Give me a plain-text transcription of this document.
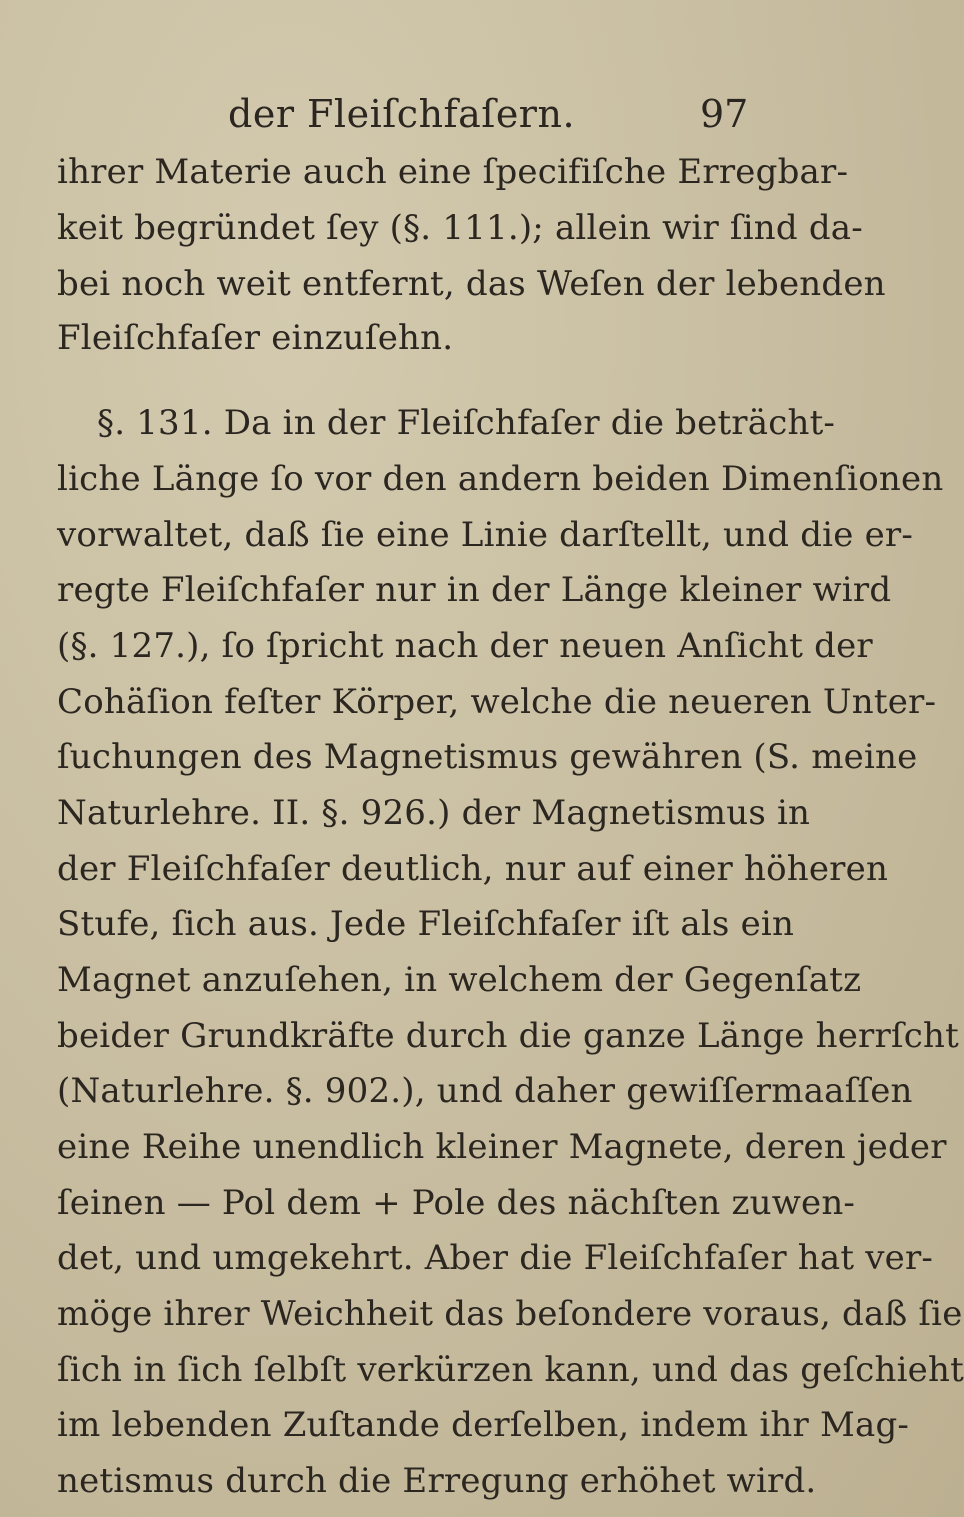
der Fleiſchfaſern.	97
ihrer Materie auch eine ſpecifiſche Erregbar-
keit begründet ſey (§. 111.); allein wir ſind da-
bei noch weit entfernt, das Weſen der lebenden
Fleiſchfaſer einzuſehn.
§. 131. Da in der Fleiſchfaſer die beträcht-
liche Länge ſo vor den andern beiden Dimenſionen
vorwaltet, daß ſie eine Linie darſtellt, und die er-
regte Fleiſchfaſer nur in der Länge kleiner wird
(§. 127.), ſo ſpricht nach der neuen Anſicht der
Cohäſion feſter Körper, welche die neueren Unter-
ſuchungen des Magnetismus gewähren (S. meine
Naturlehre. II. §. 926.) der Magnetismus in
der Fleiſchfaſer deutlich, nur auf einer höheren
Stufe, ſich aus. Jede Fleiſchfaſer iſt als ein
Magnet anzuſehen, in welchem der Gegenſatz
beider Grundkräfte durch die ganze Länge herrſcht
(Naturlehre. §. 902.), und daher gewiſſermaaſſen
eine Reihe unendlich kleiner Magnete, deren jeder
ſeinen — Pol dem + Pole des nächſten zuwen-
det, und umgekehrt. Aber die Fleiſchfaſer hat ver-
möge ihrer Weichheit das beſondere voraus, daß ſie
ſich in ſich ſelbſt verkürzen kann, und das geſchieht
im lebenden Zuſtande derſelben, indem ihr Mag-
netismus durch die Erregung erhöhet wird.
